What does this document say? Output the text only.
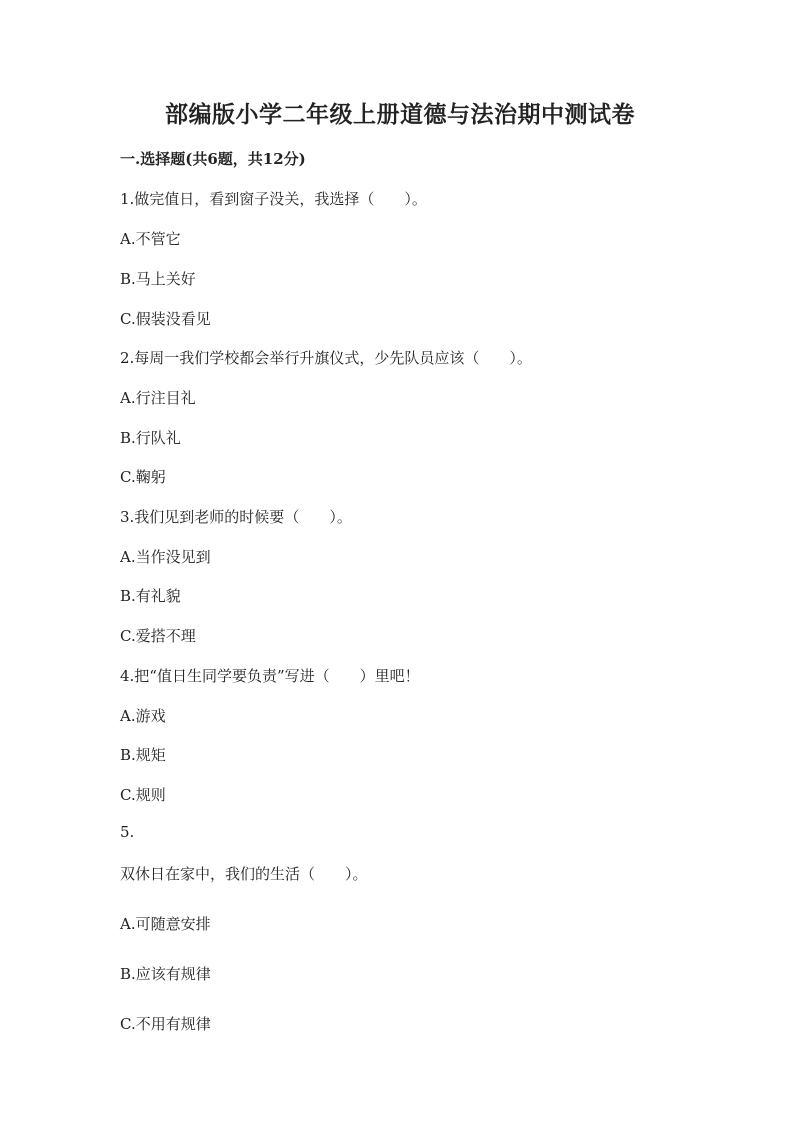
部编版小学二年级上册道德与法治期中测试卷
一.选择题(共6题，共12分)
1.做完值日，看到窗子没关，我选择（　　）。
A.不管它
B.马上关好
C.假装没看见
2.每周一我们学校都会举行升旗仪式，少先队员应该（　　）。
A.行注目礼
B.行队礼
C.鞠躬
3.我们见到老师的时候要（　　）。
A.当作没见到
B.有礼貌
C.爱搭不理
4.把“值日生同学要负责”写进（　　）里吧！
A.游戏
B.规矩
C.规则
5.
双休日在家中，我们的生活（　　）。
A.可随意安排
B.应该有规律
C.不用有规律
